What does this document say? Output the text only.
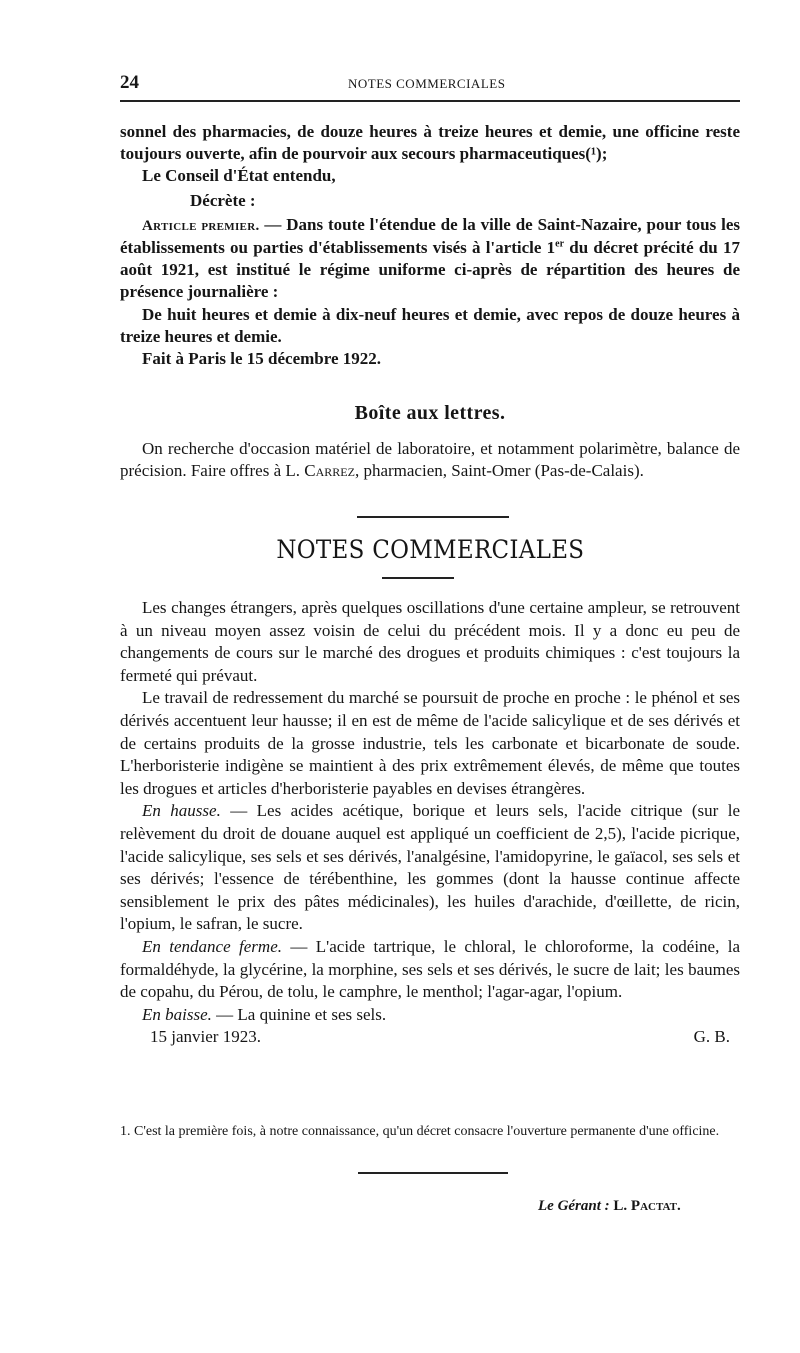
24	NOTES COMMERCIALES

sonnel des pharmacies, de douze heures à treize heures et demie, une officine reste toujours ouverte, afin de pourvoir aux secours pharmaceutiques(¹);

Le Conseil d'État entendu,

Décrète :

Article premier. — Dans toute l'étendue de la ville de Saint-Nazaire, pour tous les établissements ou parties d'établissements visés à l'article 1er du décret précité du 17 août 1921, est institué le régime uniforme ci-après de répartition des heures de présence journalière :

De huit heures et demie à dix-neuf heures et demie, avec repos de douze heures à treize heures et demie.

Fait à Paris le 15 décembre 1922.

Boîte aux lettres.

On recherche d'occasion matériel de laboratoire, et notamment polarimètre, balance de précision. Faire offres à L. Carrez, pharmacien, Saint-Omer (Pas-de-Calais).

NOTES COMMERCIALES

Les changes étrangers, après quelques oscillations d'une certaine ampleur, se retrouvent à un niveau moyen assez voisin de celui du précédent mois. Il y a donc eu peu de changements de cours sur le marché des drogues et produits chimiques : c'est toujours la fermeté qui prévaut.

Le travail de redressement du marché se poursuit de proche en proche : le phénol et ses dérivés accentuent leur hausse; il en est de même de l'acide salicylique et de ses dérivés et de certains produits de la grosse industrie, tels les carbonate et bicarbonate de soude. L'herboristerie indigène se maintient à des prix extrêmement élevés, de même que toutes les drogues et articles d'herboristerie payables en devises étrangères.

En hausse. — Les acides acétique, borique et leurs sels, l'acide citrique (sur le relèvement du droit de douane auquel est appliqué un coefficient de 2,5), l'acide picrique, l'acide salicylique, ses sels et ses dérivés, l'analgésine, l'amidopyrine, le gaïacol, ses sels et ses dérivés; l'essence de térébenthine, les gommes (dont la hausse continue affecte sensiblement le prix des pâtes médicinales), les huiles d'arachide, d'œillette, de ricin, l'opium, le safran, le sucre.

En tendance ferme. — L'acide tartrique, le chloral, le chloroforme, la codéine, la formaldéhyde, la glycérine, la morphine, ses sels et ses dérivés, le sucre de lait; les baumes de copahu, du Pérou, de tolu, le camphre, le menthol; l'agar-agar, l'opium.

En baisse. — La quinine et ses sels.

15 janvier 1923.	G. B.

1. C'est la première fois, à notre connaissance, qu'un décret consacre l'ouverture permanente d'une officine.

Le Gérant : L. Pactat.
